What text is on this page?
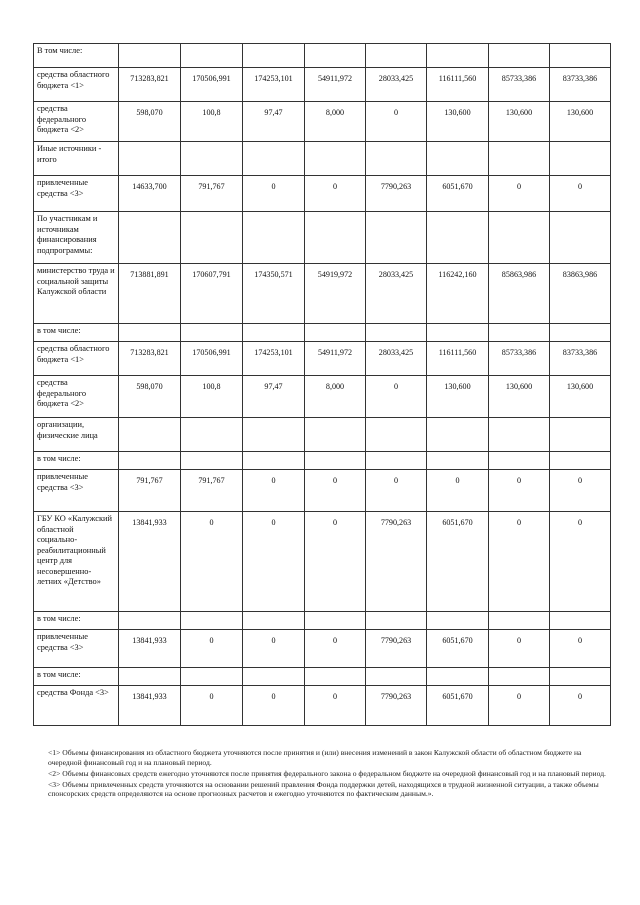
В том числе:								
средства областного бюджета <1>	713283,821	170506,991	174253,101	54911,972	28033,425	116111,560	85733,386	83733,386
средства федерального бюджета <2>	598,070	100,8	97,47	8,000	0	130,600	130,600	130,600
Иные источники - итого								
привлеченные средства <3>	14633,700	791,767	0	0	7790,263	6051,670	0	0
По участникам и источникам финансирования подпрограммы:								
министерство труда и социальной защиты Калужской области	713881,891	170607,791	174350,571	54919,972	28033,425	116242,160	85863,986	83863,986
в том числе:								
средства областного бюджета <1>	713283,821	170506,991	174253,101	54911,972	28033,425	116111,560	85733,386	83733,386
средства федерального бюджета <2>	598,070	100,8	97,47	8,000	0	130,600	130,600	130,600
организации, физические лица								
в том числе:								
привлеченные средства <3>	791,767	791,767	0	0	0	0	0	0
ГБУ КО «Калужский областной социально-реабилитационный центр для несовершенно-летних «Детство»	13841,933	0	0	0	7790,263	6051,670	0	0
в том числе:								
привлеченные средства <3>	13841,933	0	0	0	7790,263	6051,670	0	0
в том числе:								
средства Фонда <3>	13841,933	0	0	0	7790,263	6051,670	0	0

<1> Объемы финансирования из областного бюджета уточняются после принятия и (или) внесения изменений в закон Калужской области об областном бюджете на очередной финансовый год и на плановый период.

<2> Объемы финансовых средств ежегодно уточняются после принятия федерального закона о федеральном бюджете на очередной финансовый год и на плановый период.

<3> Объемы привлеченных средств уточняются на основании решений правления Фонда поддержки детей, находящихся в трудной жизненной ситуации, а также объемы спонсорских средств определяются на основе прогнозных расчетов и ежегодно уточняются по фактическим данным.».
